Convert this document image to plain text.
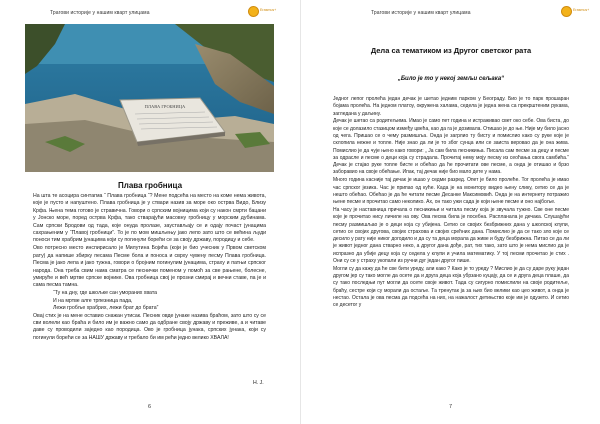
Трагови историје у нашим кварт улицама	Erasmus+
ПЛАВА ГРОБНИЦА
Плава гробница

На шта те асоцира синтагма “ Плава гробница “? Мене подсећа на место на коме нема живота, које је пусто и напуштено. Плава гробница је у ствари назив за море око острва Видо, Близу Крфа. Њена тема готово је стравична. Говори о српским војницима који су након смрти бацани у Јонско море, поред острва Крфа, тако стварајући масовну гробницу у морским дубинама. Сам српски Бродови од тада, које онуда пролазе, заустављају се и одају почаст јунацима сахрањеним у “Плавој гробници”. То је по мом мишљењу јако лепо зато што се већина људи поноси тим храбрим јунацима који су погинули борећи се за своју државу, породицу и себе.

Ово потресно место инспирисало је Милутина Бојића (који је био учесник у Првом светском рату) да напише збирку песама Песме бола и поноса и сврху чувену песму Плава гробница. Песма је јако лепа и јако тужна, говори о бројним погинулим јунацима, страху и патњи српског народа. Она треба свим нама сматра се песнички поменом у помоћ за све рањене, болесне, умируће и већ мртве српске војнике. Ова гробница свој је прозни смирај и вечни ставе, па је и сама песма тамна.

“Ту на дну, где шкољке сан умораних хвата
И на мртве алге трпезница пада,
Лежи гробље храбрих, лежи брат до брата”

Овај стих је на мене оставио снажан утисак. Песник овде јунаке назива браћом, зато што су се сви волели као браћа и било им је важно само да одбране своју државу и преживе, а и читаве даве су проводили заједно као породица. Ово је гробница јунака, српских јунака, који су погинули борећи се за НАШУ државу и требало би им рећи једно велико ХВАЛА!

Н. Ј.
6
Трагови историје у нашим кварт улицама	Erasmus+
Дела са тематиком из Другог светског рата
„Било је то у некој земљи сељака“

Једног лепог пролећа један дечак је шетао једним парком у Београду. Био је то парк прошаран бојама пролећа. На једном платоу, окружена халама, седела је једна жена са прекрштеним рукама, загледана у даљину.

Дечак је шетао са родитељима. Имао је само пет година и истраживао свет око себе. Ова биста, до које се долазило стазицом између цвећа, као да га је дозивала. Отишао је до ње. Није му било јасно од чега. Пришао се о чему размишља. Онда је загрлио ту бисту и помислио како су руке које је склопила нежне и топле. Није знао да ли је то због сунца или се заиста веровао да је она жива. Помислио је да чује њено како говори: „ Ја сам била песникиња. Писала сам песме за децу и песме за одрасле и песме о деци која су страдала. Прочитај нему моју песму из сеоћања свога самбића.“ Дечак је стајао руке топле бисте и обећао да ће прочитати ове песме, а онда је отишао и брзо заборавио на своје обећање. Ипак, тај дечак није био мало дете у нама.

Много година касније тај дечак је ишао у седми разред. Опет је било пролеће. Тог пролећа је имао час српског језика. Час је припао од куће. Када је на монитору видео њену слику, сетио се да је нешто обећао. Обећао је да ће читати песме Десанке Максимовић. Онда је на интернету потражио њене песме и прочитао само неколико. Ах, он тако ужи сада је који њене песме и оно најбоље.

На часу је наставница причала о песникињи и читала песму која је звучала тужно. Све оне песме које је прочитао нису личиле на ову. Ова песма била је посебна. Распланала је дечака. Слушајући песму размишљао је о деци која су убијена. Сетио се својих безбрижних дана у школској клупи, сетио се својих другова, својих страхова и својих срећних дана. Помислио је да се тако зло које се десило у рату није никог догодило и да су та деца морала да живе и буду безбрижна. Питао се да ли је живот једног дана стварно неко, а другог дана дође, рат, тих тако, зато што је нема мислио да је испразно да убије децу која су седела у клупи и учила математику. У тој песми прочитао је стих . Они су се у страху укопали из ручни дуг један другог пише.

Могли су да кажу да ће све бити уреду, али како ? Како је то уреду ? Мислио је да су даре руку један другом јер су тако могле да осете да и друга деца која убрзано куцају, да се и друга деца плаше, да су тако последњи пут могли да осете своје живот. Тада су сигурно помислили на своје родитеље, браћу, сестре који су морали да остаље. Та тренутак ја за њих био велики као цео живот, а онда је нестао. Остала је ова песма да подсећа на них, на нажалост детињство које им је одузето. И сетио се десетог у

7
